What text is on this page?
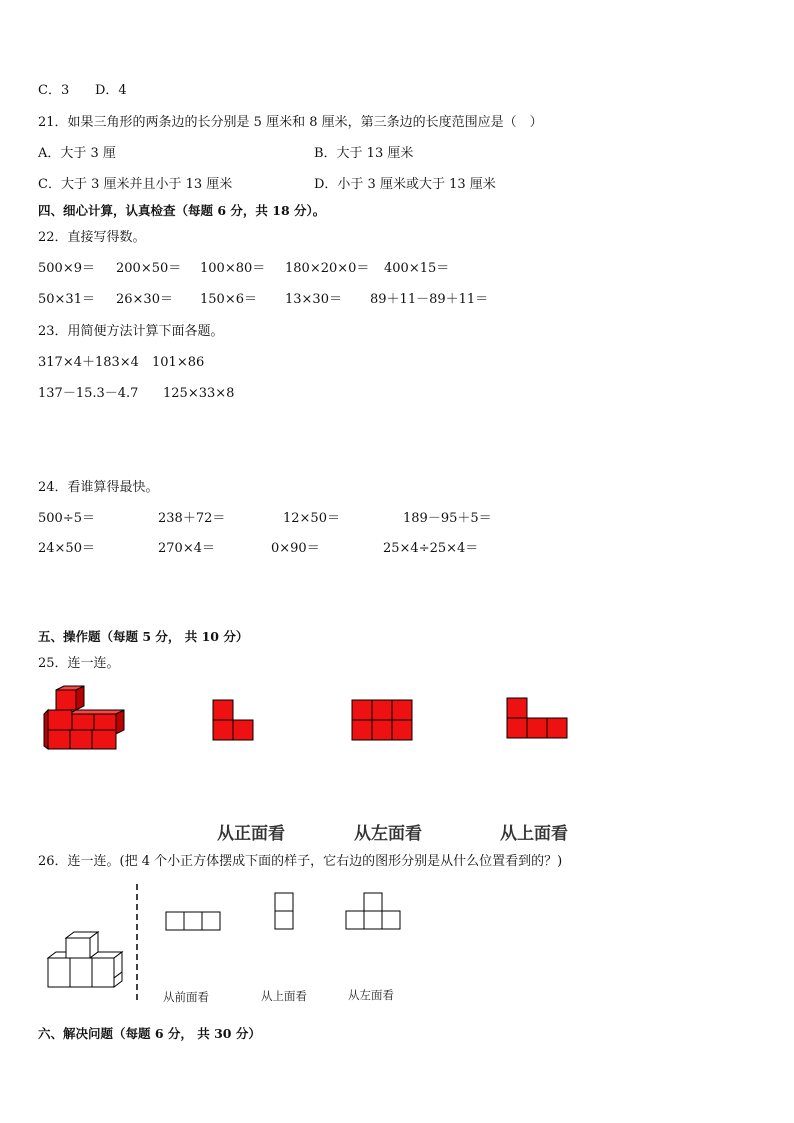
C．3 D．4
21．如果三角形的两条边的长分别是 5 厘米和 8 厘米，第三条边的长度范围应是（　）
A．大于 3 厘	B．大于 13 厘米
C．大于 3 厘米并且小于 13 厘米	D．小于 3 厘米或大于 13 厘米
四、细心计算，认真检查（每题 6 分，共 18 分）。
22．直接写得数。
500×9＝ 200×50＝ 100×80＝ 180×20×0＝ 400×15＝
50×31＝ 26×30＝ 150×6＝ 13×30＝ 89＋11－89＋11＝
23．用简便方法计算下面各题。
317×4＋183×4 101×86
137－15.3－4.7 125×33×8
24．看谁算得最快。
500÷5＝	238＋72＝	12×50＝	189－95＋5＝
24×50＝	270×4＝	0×90＝	25×4÷25×4＝
五、操作题（每题 5 分， 共 10 分）
25．连一连。
从正面看	从左面看	从上面看
26．连一连。(把 4 个小正方体摆成下面的样子，它右边的图形分别是从什么位置看到的？)
从前面看	从上面看	从左面看
六、解决问题（每题 6 分， 共 30 分）
